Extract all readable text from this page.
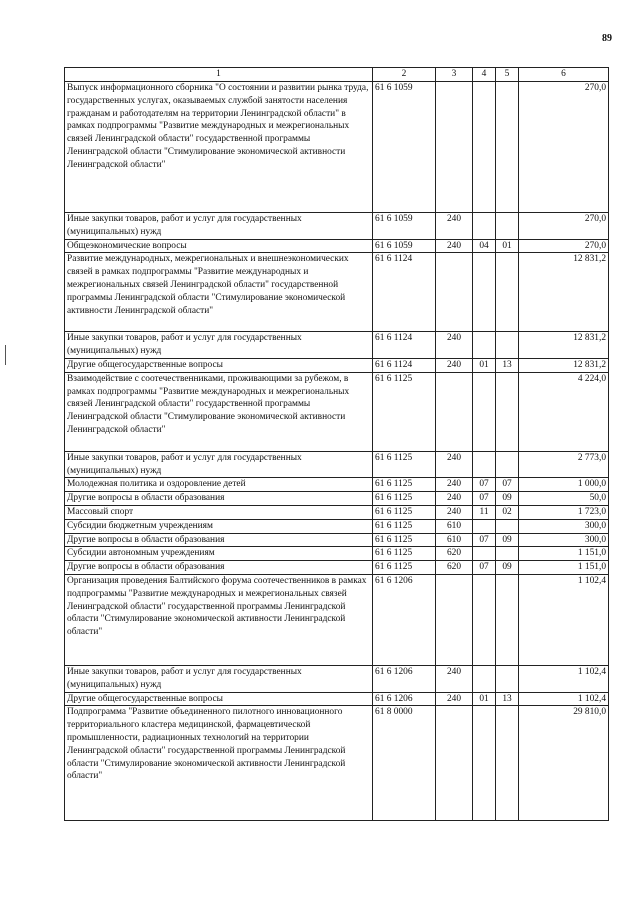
89
1	2	3	4	5	6
Выпуск информационного сборника "О состоянии и развитии рынка труда, государственных услугах, оказываемых службой занятости населения гражданам и работодателям на территории Ленинградской области" в рамках подпрограммы "Развитие международных и межрегиональных связей Ленинградской области" государственной программы Ленинградской области "Стимулирование экономической активности Ленинградской области"	61 6 1059				270,0
Иные закупки товаров, работ и услуг для государственных (муниципальных) нужд	61 6 1059	240			270,0
Общеэкономические вопросы	61 6 1059	240	04	01	270,0
Развитие международных, межрегиональных и внешнеэкономических связей в рамках подпрограммы "Развитие международных и межрегиональных связей Ленинградской области" государственной программы Ленинградской области "Стимулирование экономической активности Ленинградской области"	61 6 1124				12 831,2
Иные закупки товаров, работ и услуг для государственных (муниципальных) нужд	61 6 1124	240			12 831,2
Другие общегосударственные вопросы	61 6 1124	240	01	13	12 831,2
Взаимодействие с соотечественниками, проживающими за рубежом, в рамках подпрограммы "Развитие международных и межрегиональных связей Ленинградской области" государственной программы Ленинградской области "Стимулирование экономической активности Ленинградской области"	61 6 1125				4 224,0
Иные закупки товаров, работ и услуг для государственных (муниципальных) нужд	61 6 1125	240			2 773,0
Молодежная политика и оздоровление детей	61 6 1125	240	07	07	1 000,0
Другие вопросы в области образования	61 6 1125	240	07	09	50,0
Массовый спорт	61 6 1125	240	11	02	1 723,0
Субсидии бюджетным учреждениям	61 6 1125	610			300,0
Другие вопросы в области образования	61 6 1125	610	07	09	300,0
Субсидии автономным учреждениям	61 6 1125	620			1 151,0
Другие вопросы в области образования	61 6 1125	620	07	09	1 151,0
Организация проведения Балтийского форума соотечественников в рамках подпрограммы "Развитие международных и межрегиональных связей Ленинградской области" государственной программы Ленинградской области "Стимулирование экономической активности Ленинградской области"	61 6 1206				1 102,4
Иные закупки товаров, работ и услуг для государственных (муниципальных) нужд	61 6 1206	240			1 102,4
Другие общегосударственные вопросы	61 6 1206	240	01	13	1 102,4
Подпрограмма "Развитие объединенного пилотного инновационного территориального кластера медицинской, фармацевтической промышленности, радиационных технологий на территории Ленинградской области" государственной программы Ленинградской области "Стимулирование экономической активности Ленинградской области"	61 8 0000				29 810,0
